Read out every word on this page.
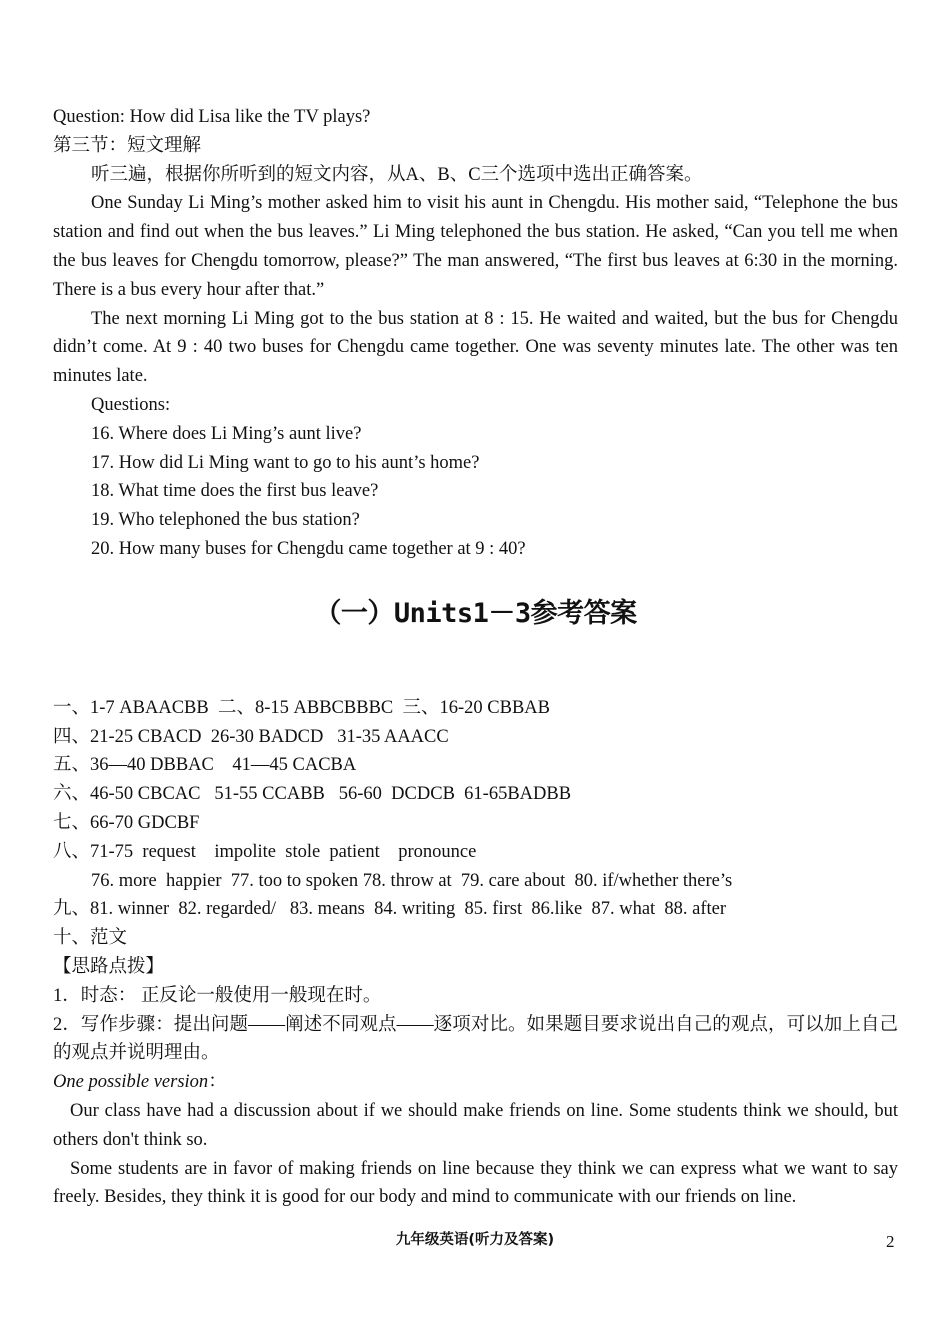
Question: How did Lisa like the TV plays?
第三节：短文理解
听三遍，根据你所听到的短文内容，从A、B、C三个选项中选出正确答案。
One Sunday Li Ming’s mother asked him to visit his aunt in Chengdu. His mother said, “Telephone the bus station and find out when the bus leaves.” Li Ming telephoned the bus station. He asked, “Can you tell me when the bus leaves for Chengdu tomorrow, please?” The man answered, “The first bus leaves at 6:30 in the morning. There is a bus every hour after that.”
The next morning Li Ming got to the bus station at 8 : 15. He waited and waited, but the bus for Chengdu didn’t come. At 9 : 40 two buses for Chengdu came together. One was seventy minutes late. The other was ten minutes late.
Questions:
16. Where does Li Ming’s aunt live?
17. How did Li Ming want to go to his aunt’s home?
18. What time does the first bus leave?
19. Who telephoned the bus station?
20. How many buses for Chengdu came together at 9 : 40?
（一）Units1－3参考答案
一、1-7 ABAACBB  二、8-15 ABBCBBBC  三、16-20 CBBAB
四、21-25 CBACD  26-30 BADCD   31-35 AAACC
五、36—40 DBBAC    41—45 CACBA
六、46-50 CBCAC   51-55 CCABB   56-60  DCDCB  61-65BADBB
七、66-70 GDCBF
八、71-75  request    impolite  stole  patient    pronounce
76. more  happier  77. too to spoken 78. throw at  79. care about  80. if/whether there’s
九、81. winner  82. regarded/   83. means  84. writing  85. first  86.like  87. what  88. after
十、范文
【思路点拨】
1．时态： 正反论一般使用一般现在时。
2．写作步骤：提出问题——阐述不同观点——逐项对比。如果题目要求说出自己的观点，可以加上自己的观点并说明理由。
One possible version：
Our class have had a discussion about if we should make friends on line. Some students think we should, but others don't think so.
Some students are in favor of making friends on line because they think we can express what we want to say freely. Besides, they think it is good for our body and mind to communicate with our friends on line.
九年级英语(听力及答案)	2
